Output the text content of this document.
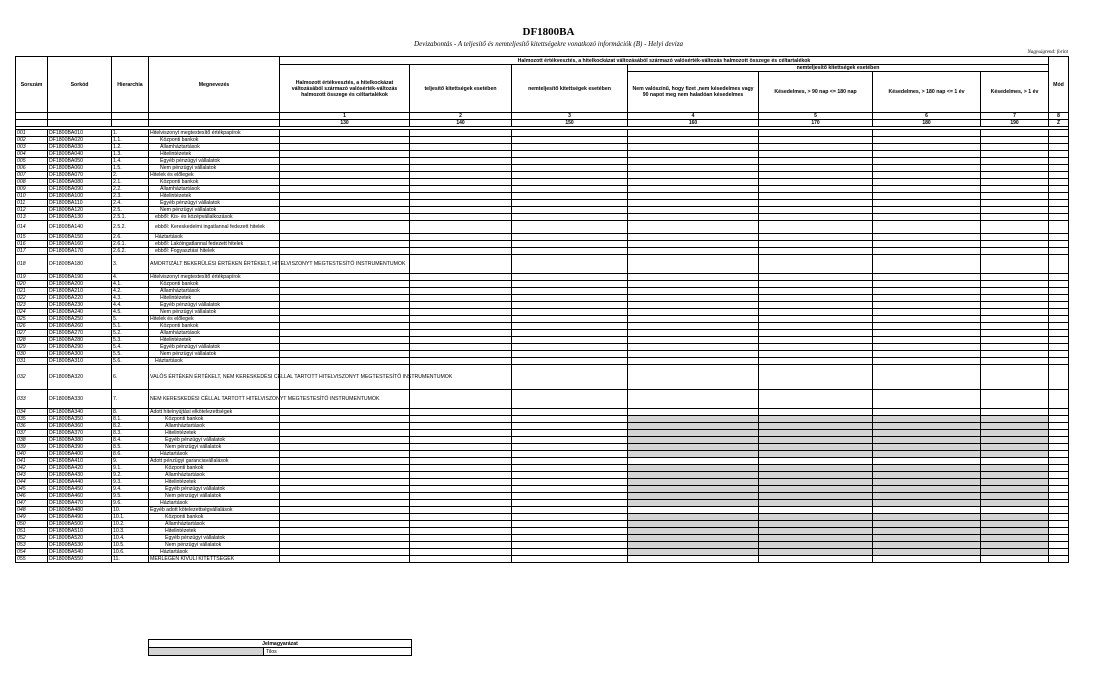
DF1800BA
Devizabontás - A teljesítő és nemteljesítő kitettségekre vonatkozó információk (B) - Helyi deviza
Nagyságrend: forint
Sorszám	Sorkód	Hierarchia	Megnevezés	Halmozott értékvesztés, a hitelkockázat változásából származó valósérték-változás halmozott összege és céltartalékok							Mód
				Halmozott értékvesztés, a hitelkockázat változásából származó valósérték-változás halmozott összege és céltartalékok	teljesítő kitettségek esetében	nemteljesítő kitettségek esetében	nemteljesítő kitettségek esetében				
							Nem valószínű, hogy fizet ,nem késedelmes vagy 90 napot meg nem haladóan késedelmes	Késedelmes, > 90 nap <= 180 nap	Késedelmes, > 180 nap <= 1 év	Késedelmes, > 1 év	
				1	2	3	4	5	6	7	8
				130	140	150	160	170	180	190	Z

001	DF1800BA010	1.	Hitelviszonyt megtestesítő értékpapírok								
002	DF1800BA020	1.1.	Központi bankok								
003	DF1800BA030	1.2.	Államháztartások								
004	DF1800BA040	1.3.	Hitelintézetek								
005	DF1800BA050	1.4.	Egyéb pénzügyi vállalatok								
006	DF1800BA060	1.5.	Nem pénzügyi vállalatok								
007	DF1800BA070	2.	Hitelek és előlegek								
008	DF1800BA080	2.1.	Központi bankok								
009	DF1800BA090	2.2.	Államháztartások								
010	DF1800BA100	2.3.	Hitelintézetek								
011	DF1800BA110	2.4.	Egyéb pénzügyi vállalatok								
012	DF1800BA120	2.5.	Nem pénzügyi vállalatok								
013	DF1800BA130	2.5.1.	ebből: Kis- és középvállalkozások								
014	DF1800BA140	2.5.2.	ebből: Kereskedelmi ingatlannal fedezett hitelek								
015	DF1800BA150	2.6.	Háztartások								
016	DF1800BA160	2.6.1.	ebből: Lakóingatlannal fedezett hitelek								
017	DF1800BA170	2.6.2.	ebből: Fogyasztási hitelek								
018	DF1800BA180	3.	AMORTIZÁLT BEKERÜLÉSI ÉRTÉKEN ÉRTÉKELT, HITELVISZONYT MEGTESTESÍTŐ INSTRUMENTUMOK								
019	DF1800BA190	4.	Hitelviszonyt megtestesítő értékpapírok								
020	DF1800BA200	4.1.	Központi bankok								
021	DF1800BA210	4.2.	Államháztartások								
022	DF1800BA220	4.3.	Hitelintézetek								
023	DF1800BA230	4.4.	Egyéb pénzügyi vállalatok								
024	DF1800BA240	4.5.	Nem pénzügyi vállalatok								
025	DF1800BA250	5.	Hitelek és előlegek								
026	DF1800BA260	5.1.	Központi bankok								
027	DF1800BA270	5.2.	Államháztartások								
028	DF1800BA280	5.3.	Hitelintézetek								
029	DF1800BA290	5.4.	Egyéb pénzügyi vállalatok								
030	DF1800BA300	5.5.	Nem pénzügyi vállalatok								
031	DF1800BA310	5.6.	Háztartások								
032	DF1800BA320	6.	VALÓS ÉRTÉKEN ÉRTÉKELT, NEM KERESKEDÉSI CÉLLAL TARTOTT HITELVISZONYT MEGTESTESÍTŐ INSTRUMENTUMOK								
033	DF1800BA330	7.	NEM KERESKEDÉSI CÉLLAL TARTOTT HITELVISZONYT MEGTESTESÍTŐ INSTRUMENTUMOK								
034	DF1800BA340	8.	Adott hitelnyújtási elkötelezettségek								
035	DF1800BA350	8.1.	Központi bankok								
036	DF1800BA360	8.2.	Államháztartások								
037	DF1800BA370	8.3.	Hitelintézetek								
038	DF1800BA380	8.4.	Egyéb pénzügyi vállalatok								
039	DF1800BA390	8.5.	Nem pénzügyi vállalatok								
040	DF1800BA400	8.6.	Háztartások								
041	DF1800BA410	9.	Adott pénzügyi garanciavállalások								
042	DF1800BA420	9.1.	Központi bankok								
043	DF1800BA430	9.2.	Államháztartások								
044	DF1800BA440	9.3.	Hitelintézetek								
045	DF1800BA450	9.4.	Egyéb pénzügyi vállalatok								
046	DF1800BA460	9.5.	Nem pénzügyi vállalatok								
047	DF1800BA470	9.6.	Háztartások								
048	DF1800BA480	10.	Egyéb adott kötelezettségvállalások								
049	DF1800BA490	10.1.	Központi bankok								
050	DF1800BA500	10.2.	Államháztartások								
051	DF1800BA510	10.3.	Hitelintézetek								
052	DF1800BA520	10.4.	Egyéb pénzügyi vállalatok								
053	DF1800BA530	10.5.	Nem pénzügyi vállalatok								
054	DF1800BA540	10.6.	Háztartások								
055	DF1800BA550	11.	MÉRLEGEN KÍVÜLI KITETTSÉGEK								
Jelmagyarázat
	Tilos
